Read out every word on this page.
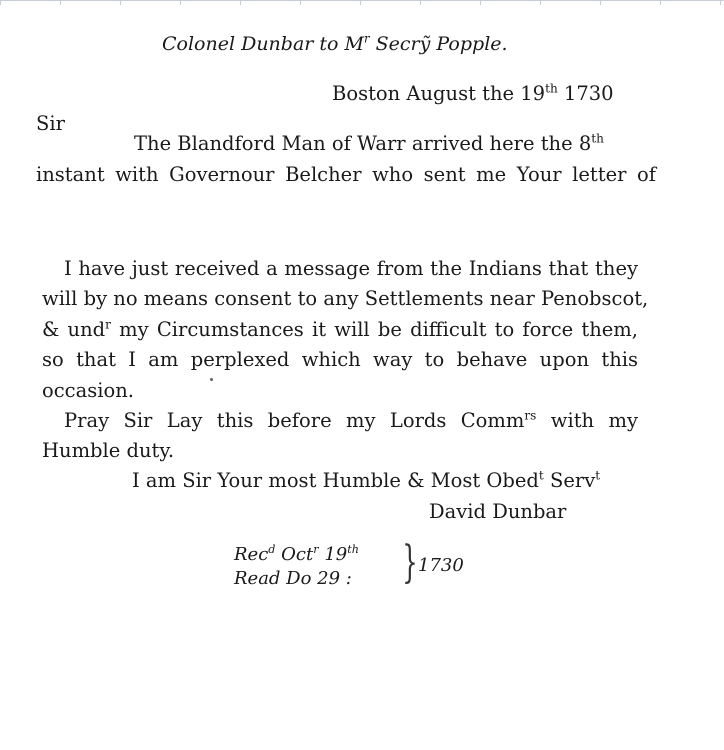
Colonel Dunbar to $M^r$ Secrỹ Popple.
Boston August the 19th 1730
Sir
The Blandford Man of Warr arrived here the 8th
instant with Governour Belcher who sent me Your letter of
I have just received a message from the Indians that they
will by no means consent to any Settlements near Penobscot,
& und$^r$ my Circumstances it will be difficult to force them,
so that I am perplexed which way to behave upon this
occasion.
Pray Sir Lay this before my Lords Comm$^{rs}$ with my
Humble duty.
I am Sir Your most Humble & Most Obed$^t$ Serv$^t$
David Dunbar
Rec$^d$ Oct$^r$ 19th
Read Do 29 : } 1730
